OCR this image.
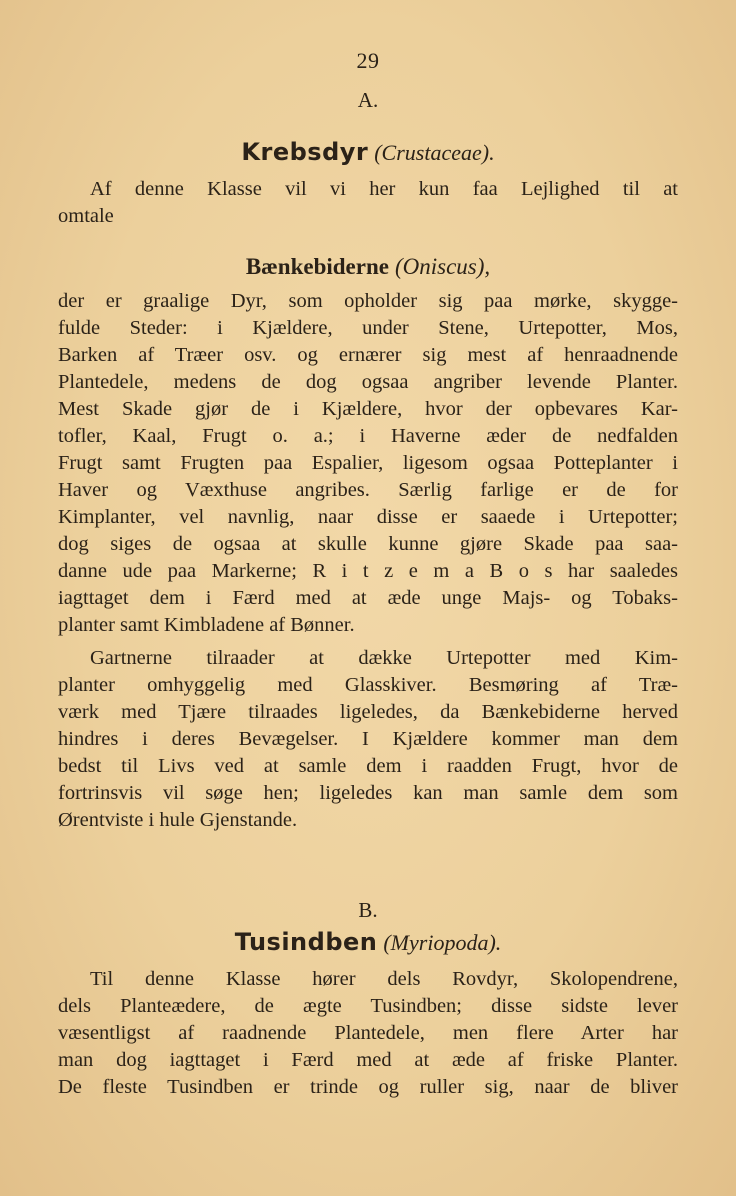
29
A.
Krebsdyr (Crustaceae).
Af denne Klasse vil vi her kun faa Lejlighed til at
omtale
Bænkebiderne (Oniscus),
der er graalige Dyr, som opholder sig paa mørke, skygge-
fulde Steder: i Kjældere, under Stene, Urtepotter, Mos,
Barken af Træer osv. og ernærer sig mest af henraadnende
Plantedele, medens de dog ogsaa angriber levende Planter.
Mest Skade gjør de i Kjældere, hvor der opbevares Kar-
tofler, Kaal, Frugt o. a.; i Haverne æder de nedfalden
Frugt samt Frugten paa Espalier, ligesom ogsaa Potteplanter i
Haver og Væxthuse angribes. Særlig farlige er de for
Kimplanter, vel navnlig, naar disse er saaede i Urtepotter;
dog siges de ogsaa at skulle kunne gjøre Skade paa saa-
danne ude paa Markerne; R i t z e m a B o s har saaledes
iagttaget dem i Færd med at æde unge Majs- og Tobaks-
planter samt Kimbladene af Bønner.
Gartnerne tilraader at dække Urtepotter med Kim-
planter omhyggelig med Glasskiver. Besmøring af Træ-
værk med Tjære tilraades ligeledes, da Bænkebiderne herved
hindres i deres Bevægelser. I Kjældere kommer man dem
bedst til Livs ved at samle dem i raadden Frugt, hvor de
fortrinsvis vil søge hen; ligeledes kan man samle dem som
Ørentviste i hule Gjenstande.
B.
Tusindben (Myriopoda).
Til denne Klasse hører dels Rovdyr, Skolopendrene,
dels Planteædere, de ægte Tusindben; disse sidste lever
væsentligst af raadnende Plantedele, men flere Arter har
man dog iagttaget i Færd med at æde af friske Planter.
De fleste Tusindben er trinde og ruller sig, naar de bliver
